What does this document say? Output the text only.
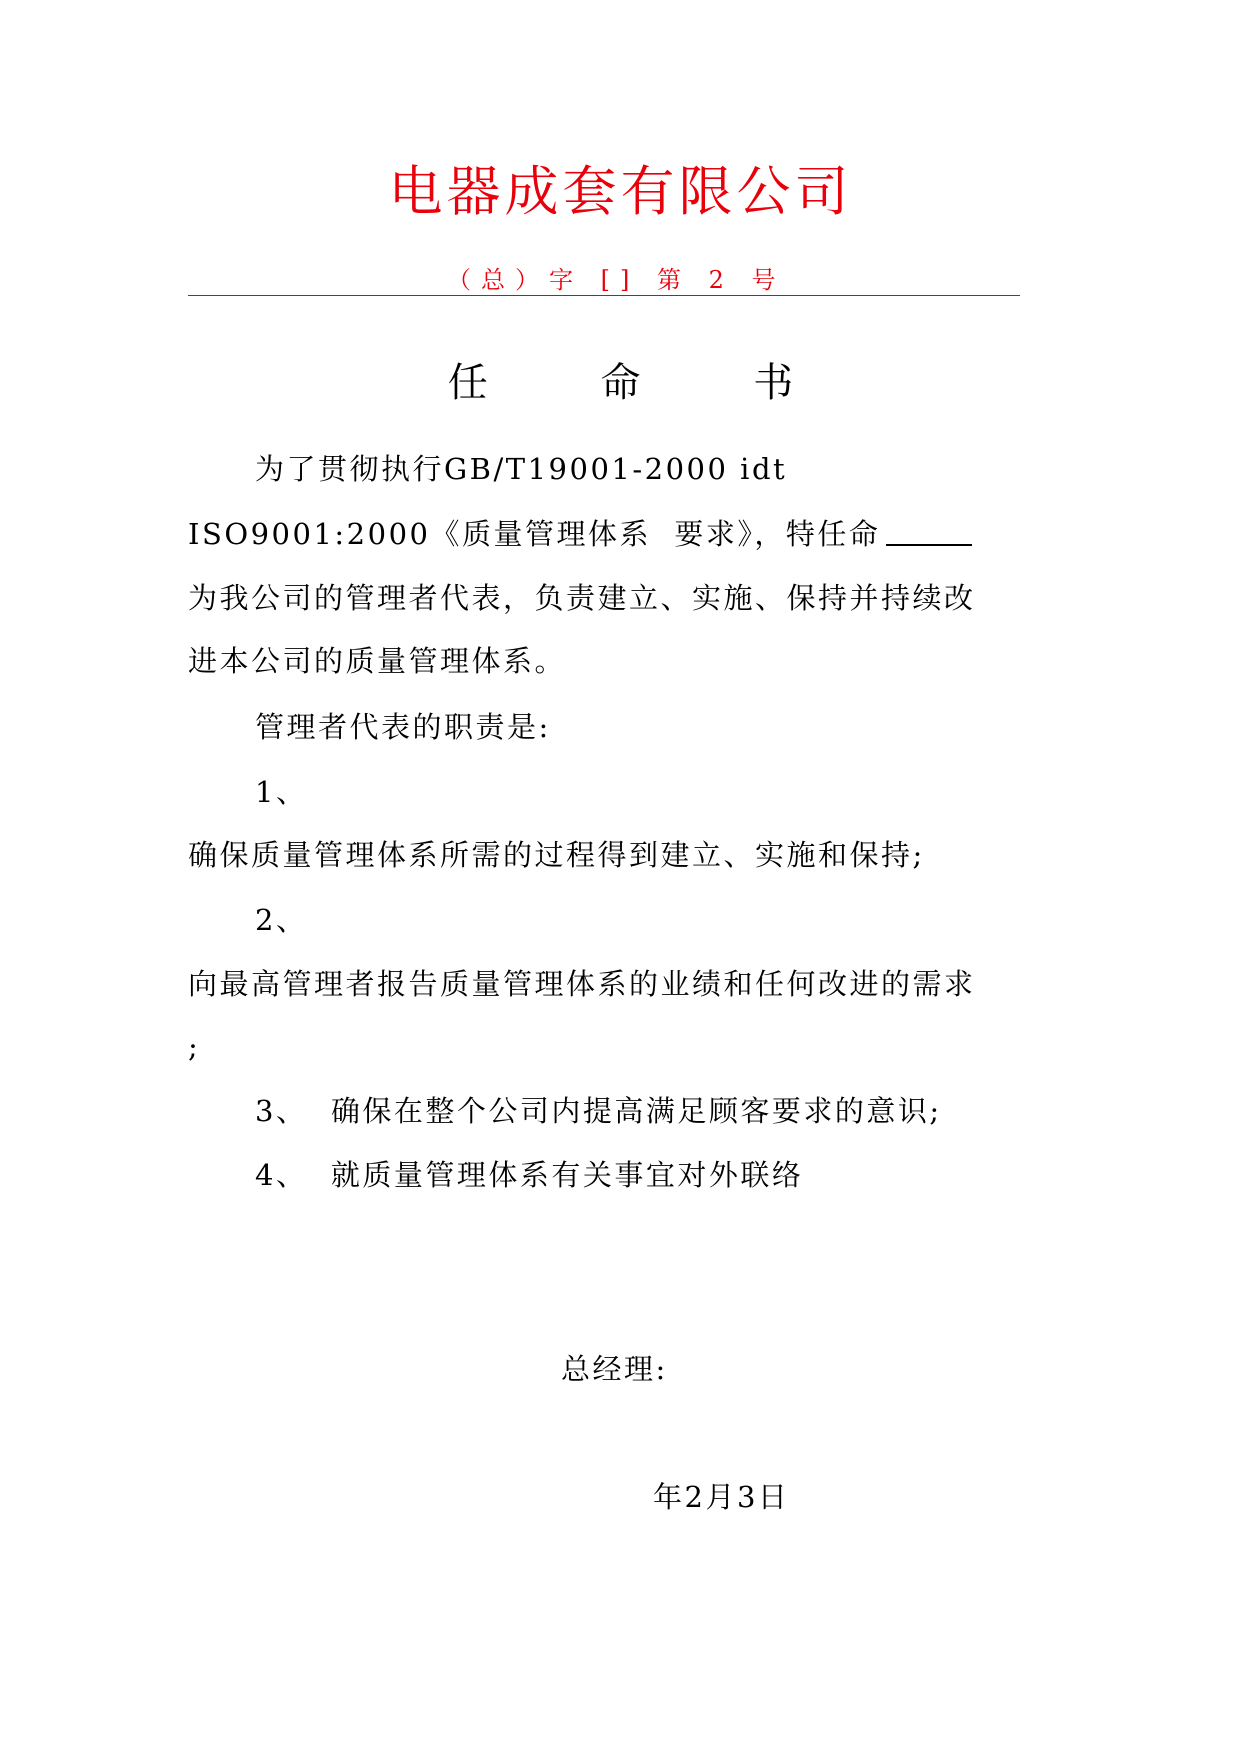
电器成套有限公司
（总）字 [] 第 2 号
任 命 书
为了贯彻执行GB/T19001-2000 idt
ISO9001:2000《质量管理体系  要求》，特任命
为我公司的管理者代表，负责建立、实施、保持并持续改
进本公司的质量管理体系。
管理者代表的职责是:
1、
确保质量管理体系所需的过程得到建立、实施和保持;
2、
向最高管理者报告质量管理体系的业绩和任何改进的需求
;
3、  确保在整个公司内提高满足顾客要求的意识;
4、  就质量管理体系有关事宜对外联络
总经理:
年2月3日
